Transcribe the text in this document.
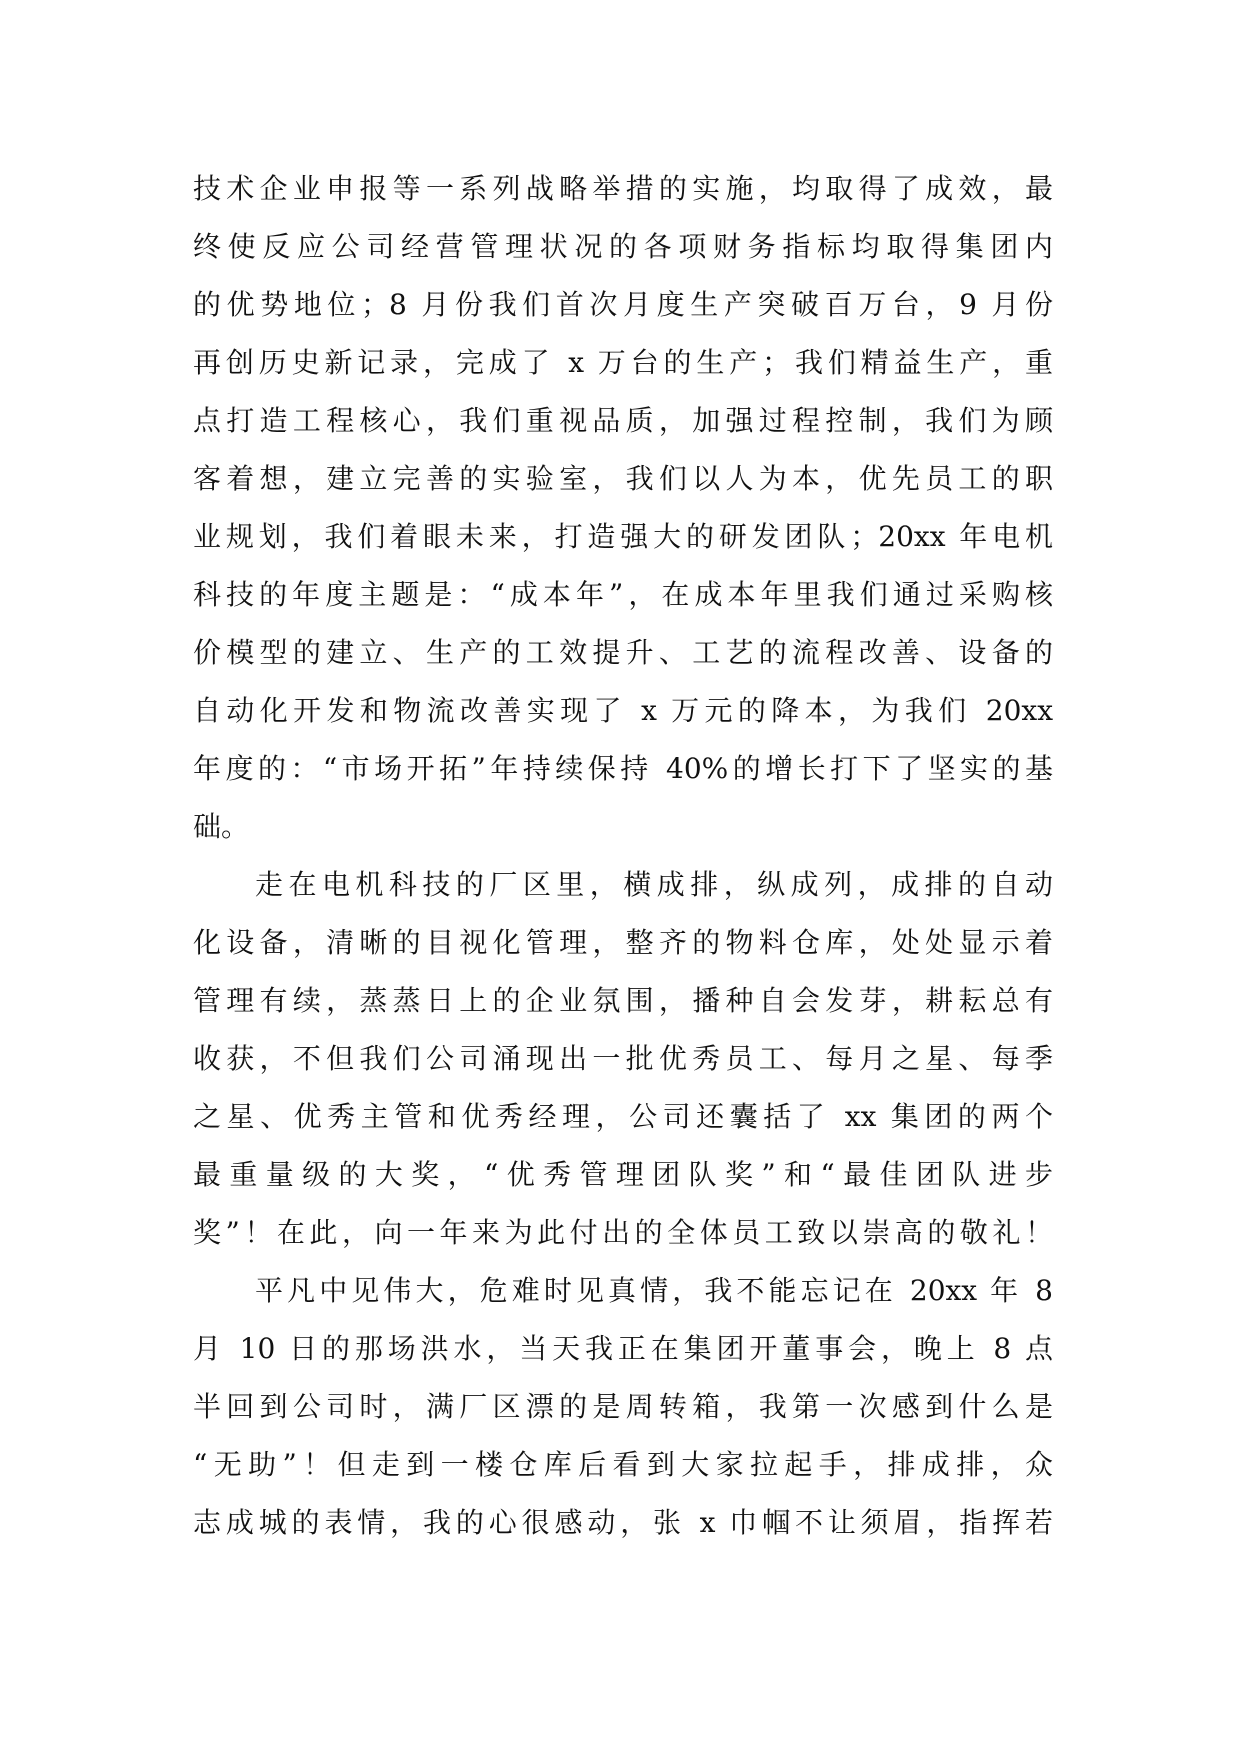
技术企业申报等一系列战略举措的实施，均取得了成效，最
终使反应公司经营管理状况的各项财务指标均取得集团内
的优势地位；8 月份我们首次月度生产突破百万台，9 月份
再创历史新记录，完成了 x 万台的生产；我们精益生产，重
点打造工程核心，我们重视品质，加强过程控制，我们为顾
客着想，建立完善的实验室，我们以人为本，优先员工的职
业规划，我们着眼未来，打造强大的研发团队；20xx 年电机
科技的年度主题是：“成本年”，在成本年里我们通过采购核
价模型的建立、生产的工效提升、工艺的流程改善、设备的
自动化开发和物流改善实现了 x 万元的降本，为我们 20xx
年度的：“市场开拓”年持续保持 40%的增长打下了坚实的基
础。
走在电机科技的厂区里，横成排，纵成列，成排的自动
化设备，清晰的目视化管理，整齐的物料仓库，处处显示着
管理有续，蒸蒸日上的企业氛围，播种自会发芽，耕耘总有
收获，不但我们公司涌现出一批优秀员工、每月之星、每季
之星、优秀主管和优秀经理，公司还囊括了 xx 集团的两个
最重量级的大奖，“优秀管理团队奖”和“最佳团队进步
奖”！在此，向一年来为此付出的全体员工致以崇高的敬礼！
平凡中见伟大，危难时见真情，我不能忘记在 20xx 年 8
月 10 日的那场洪水，当天我正在集团开董事会，晚上 8 点
半回到公司时，满厂区漂的是周转箱，我第一次感到什么是
“无助”！但走到一楼仓库后看到大家拉起手，排成排，众
志成城的表情，我的心很感动，张 x 巾帼不让须眉，指挥若
